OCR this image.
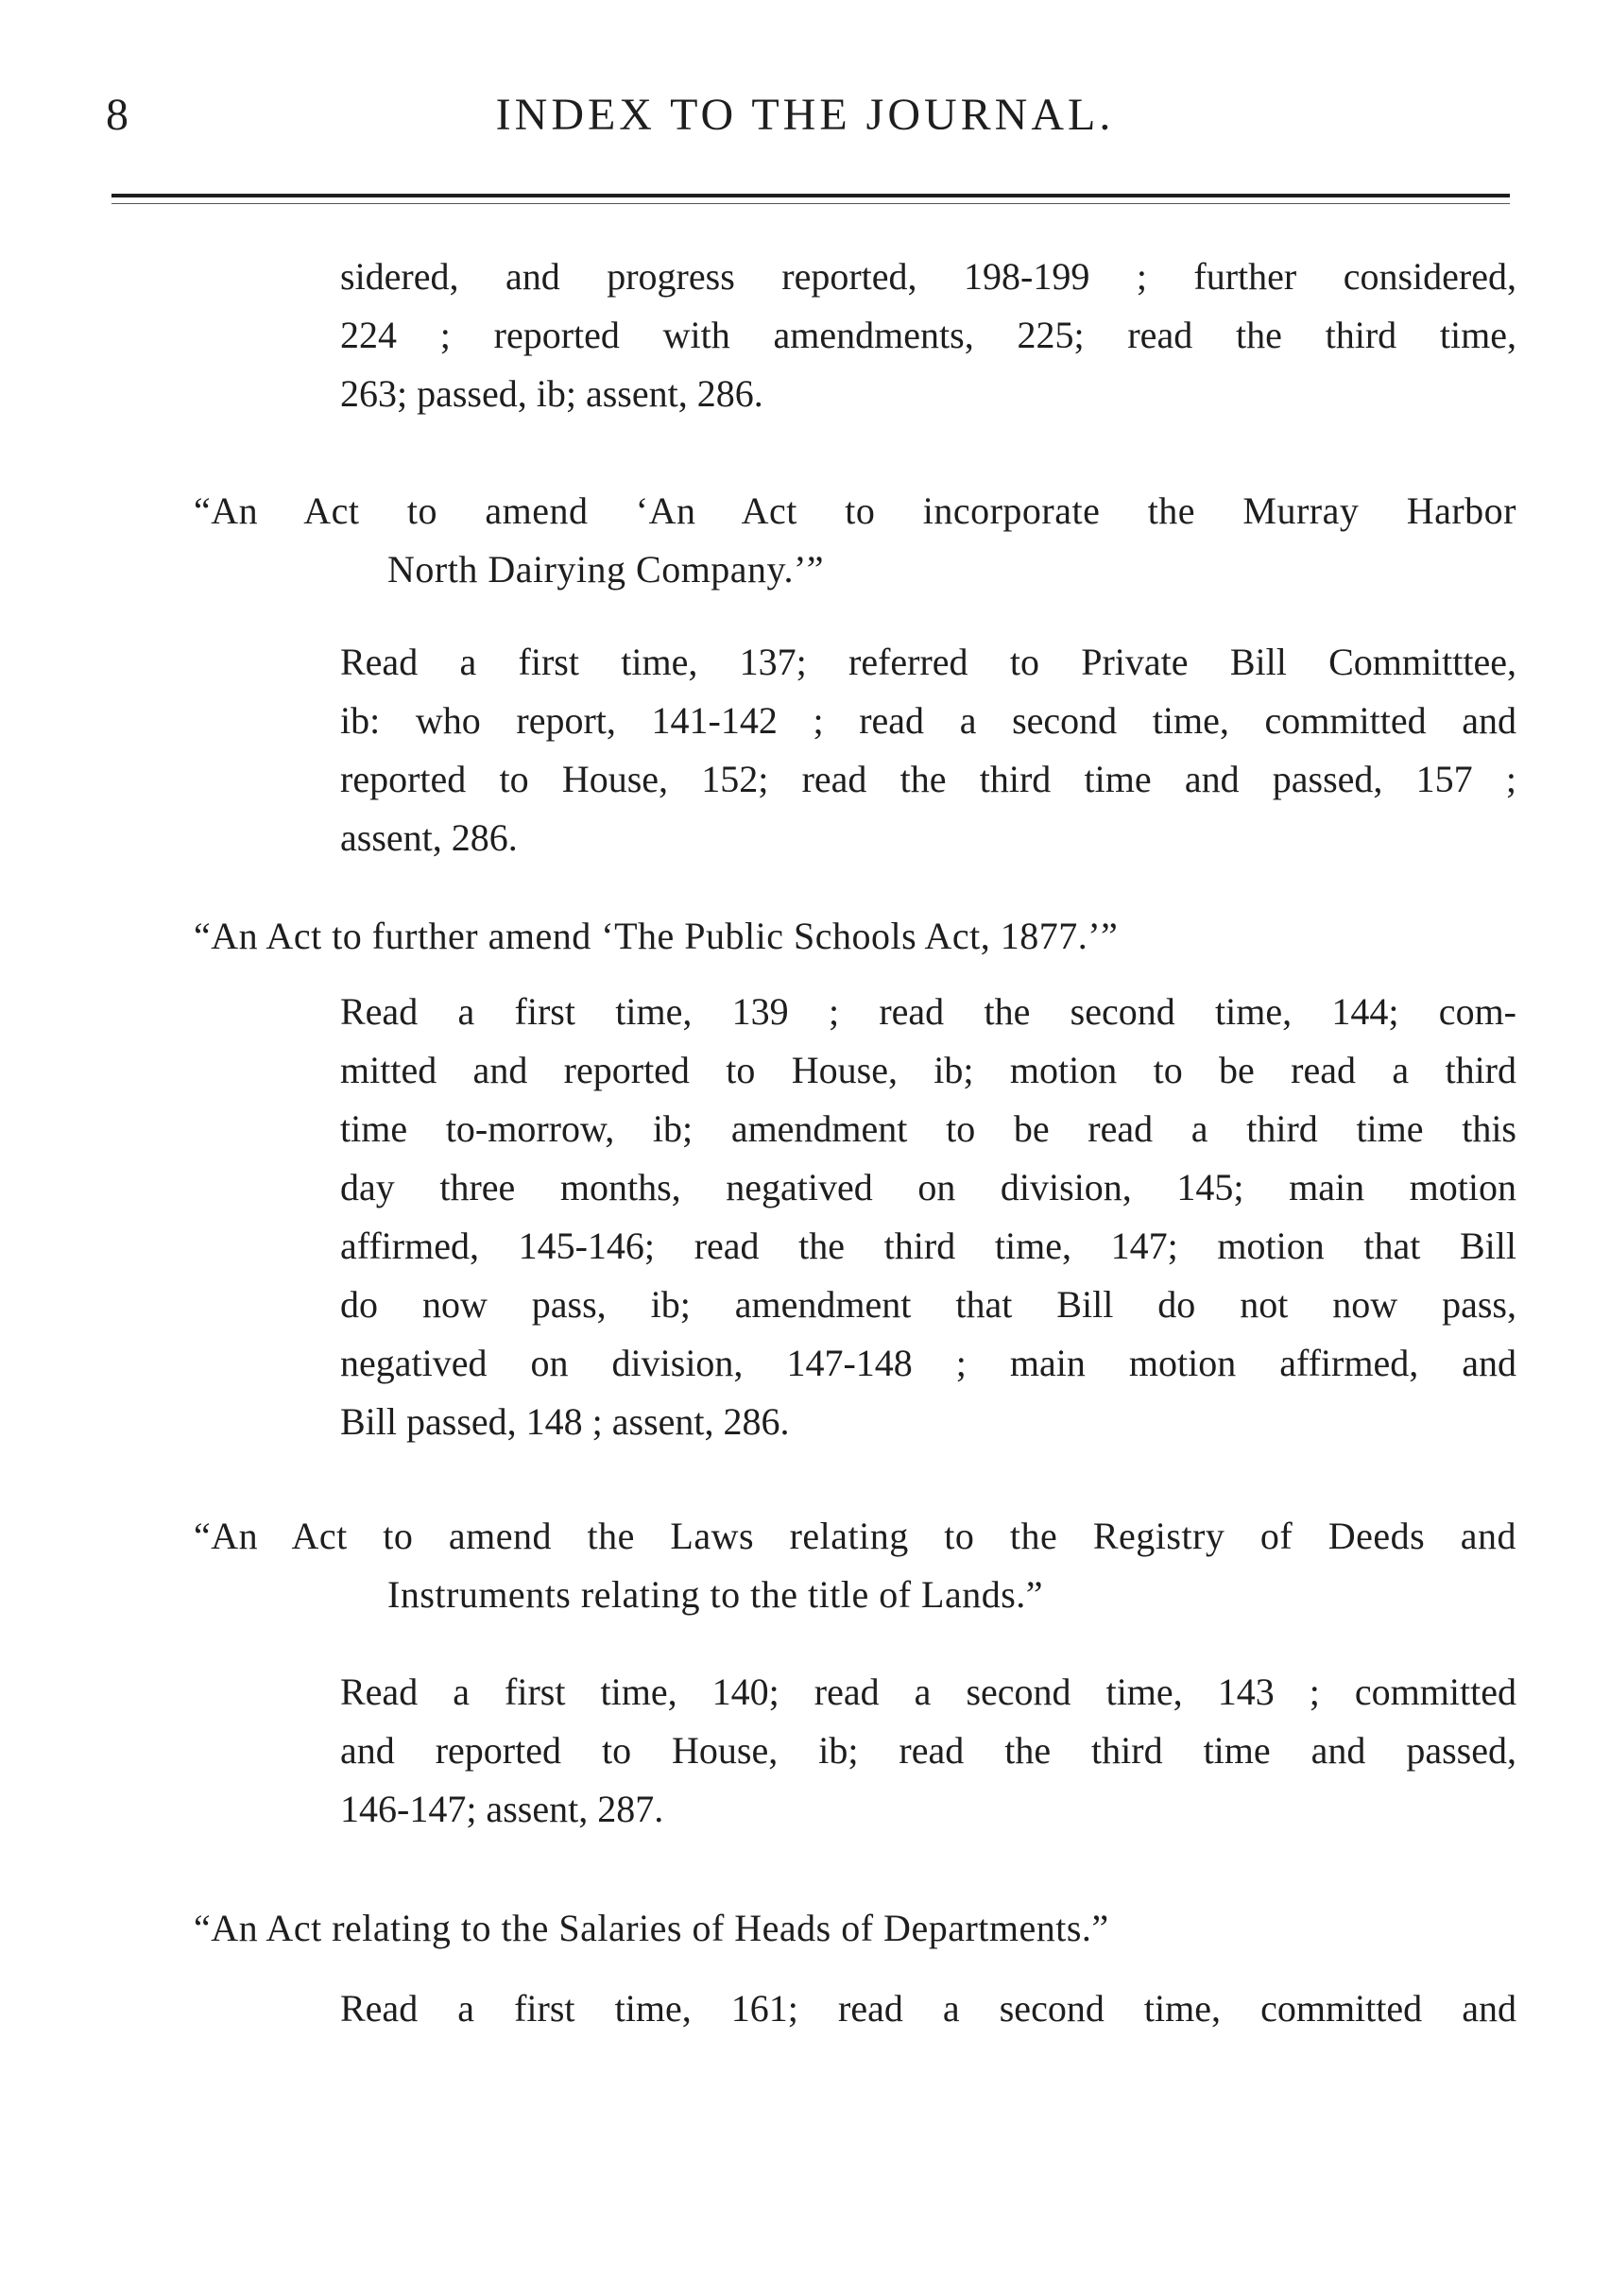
8	INDEX TO THE JOURNAL.
sidered, and progress reported, 198-199 ; further considered,
224 ; reported with amendments, 225; read the third time,
263; passed, ib; assent, 286.
“An Act to amend ‘An Act to incorporate the Murray Harbor
North Dairying Company.’”
Read a first time, 137; referred to Private Bill Committtee,
ib: who report, 141-142 ; read a second time, committed and
reported to House, 152; read the third time and passed, 157 ;
assent, 286.
“An Act to further amend ‘The Public Schools Act, 1877.’”
Read a first time, 139 ; read the second time, 144; com-
mitted and reported to House, ib; motion to be read a third
time to-morrow, ib; amendment to be read a third time this
day three months, negatived on division, 145; main motion
affirmed, 145-146; read the third time, 147; motion that Bill
do now pass, ib; amendment that Bill do not now pass,
negatived on division, 147-148 ; main motion affirmed, and
Bill passed, 148 ; assent, 286.
“An Act to amend the Laws relating to the Registry of Deeds and
Instruments relating to the title of Lands.”
Read a first time, 140; read a second time, 143 ; committed
and reported to House, ib; read the third time and passed,
146-147; assent, 287.
“An Act relating to the Salaries of Heads of Departments.”
Read a first time, 161; read a second time, committed and
